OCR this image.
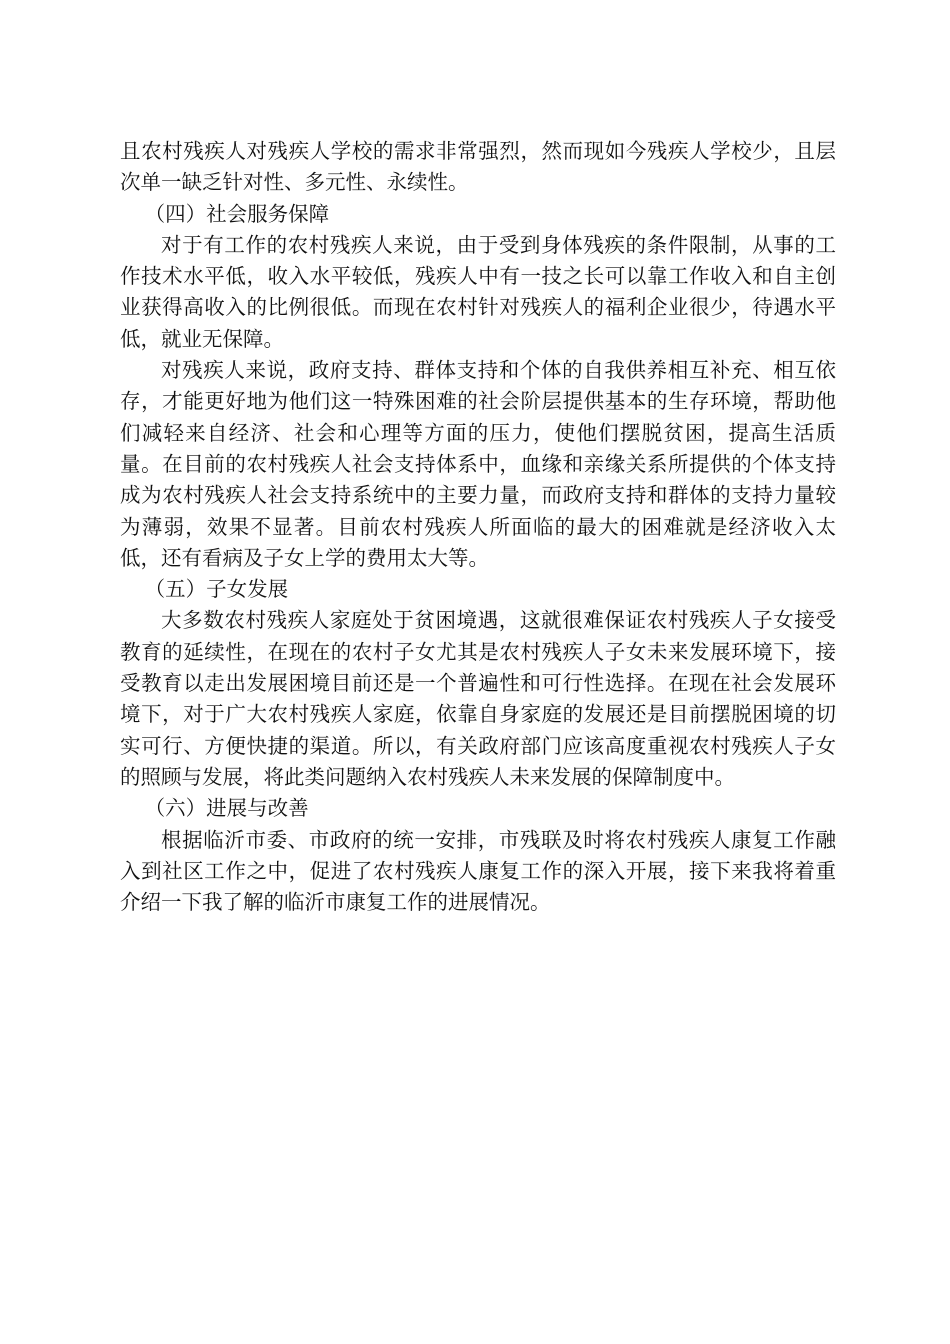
且农村残疾人对残疾人学校的需求非常强烈，然而现如今残疾人学校少，且层次单一缺乏针对性、多元性、永续性。

（四）社会服务保障

对于有工作的农村残疾人来说，由于受到身体残疾的条件限制，从事的工作技术水平低，收入水平较低，残疾人中有一技之长可以靠工作收入和自主创业获得高收入的比例很低。而现在农村针对残疾人的福利企业很少，待遇水平低，就业无保障。

对残疾人来说，政府支持、群体支持和个体的自我供养相互补充、相互依存，才能更好地为他们这一特殊困难的社会阶层提供基本的生存环境，帮助他们减轻来自经济、社会和心理等方面的压力，使他们摆脱贫困，提高生活质量。在目前的农村残疾人社会支持体系中，血缘和亲缘关系所提供的个体支持成为农村残疾人社会支持系统中的主要力量，而政府支持和群体的支持力量较为薄弱，效果不显著。目前农村残疾人所面临的最大的困难就是经济收入太低，还有看病及子女上学的费用太大等。

（五）子女发展

大多数农村残疾人家庭处于贫困境遇，这就很难保证农村残疾人子女接受教育的延续性，在现在的农村子女尤其是农村残疾人子女未来发展环境下，接受教育以走出发展困境目前还是一个普遍性和可行性选择。在现在社会发展环境下，对于广大农村残疾人家庭，依靠自身家庭的发展还是目前摆脱困境的切实可行、方便快捷的渠道。所以，有关政府部门应该高度重视农村残疾人子女的照顾与发展，将此类问题纳入农村残疾人未来发展的保障制度中。

（六）进展与改善

根据临沂市委、市政府的统一安排，市残联及时将农村残疾人康复工作融入到社区工作之中，促进了农村残疾人康复工作的深入开展，接下来我将着重介绍一下我了解的临沂市康复工作的进展情况。
